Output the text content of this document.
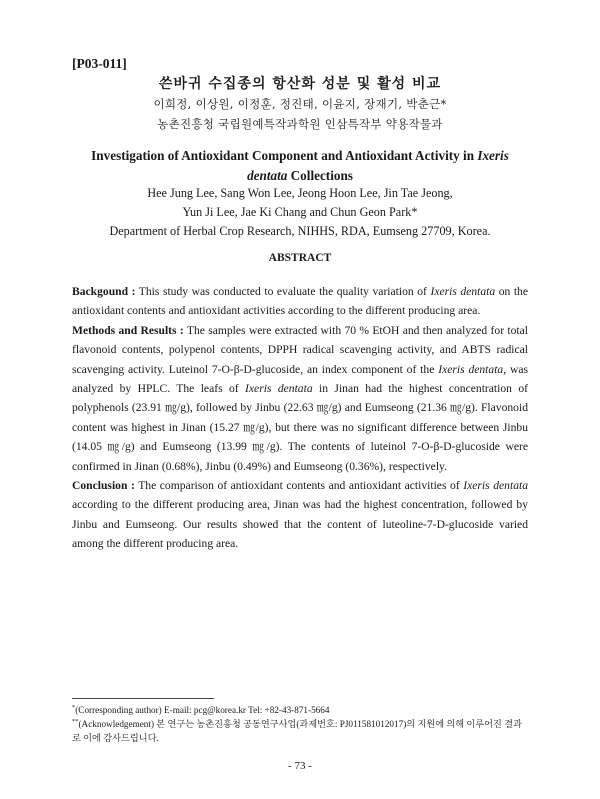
[P03-011]
쓴바귀 수집종의 항산화 성분 및 활성 비교
이희정, 이상원, 이정훈, 정진태, 이윤지, 장재기, 박춘근*
농촌진흥청 국립원예특작과학원 인삼특작부 약용작물과
Investigation of Antioxidant Component and Antioxidant Activity in Ixeris
dentata Collections
Hee Jung Lee, Sang Won Lee, Jeong Hoon Lee, Jin Tae Jeong,
Yun Ji Lee, Jae Ki Chang and Chun Geon Park*
Department of Herbal Crop Research, NIHHS, RDA, Eumseng 27709, Korea.
ABSTRACT

Backgound : This study was conducted to evaluate the quality variation of Ixeris dentata on the antioxidant contents and antioxidant activities according to the different producing area.

Methods and Results : The samples were extracted with 70 % EtOH and then analyzed for total flavonoid contents, polypenol contents, DPPH radical scavenging activity, and ABTS radical scavenging activity. Luteinol 7-O-β-D-glucoside, an index component of the Ixeris dentata, was analyzed by HPLC. The leafs of Ixeris dentata in Jinan had the highest concentration of polyphenols (23.91 ㎎/g), followed by Jinbu (22.63 ㎎/g) and Eumseong (21.36 ㎎/g). Flavonoid content was highest in Jinan (15.27 ㎎/g), but there was no significant difference between Jinbu (14.05 ㎎/g) and Eumseong (13.99 ㎎/g). The contents of luteinol 7-O-β-D-glucoside were confirmed in Jinan (0.68%), Jinbu (0.49%) and Eumseong (0.36%), respectively.

Conclusion : The comparison of antioxidant contents and antioxidant activities of Ixeris dentata according to the different producing area, Jinan was had the highest concentration, followed by Jinbu and Eumseong. Our results showed that the content of luteoline-7-D-glucoside varied among the different producing area.

*(Corresponding author) E-mail: pcg@korea.kr Tel: +82-43-871-5664
**(Acknowledgement) 본 연구는 농촌진흥청 공동연구사업(과제번호: PJ011581012017)의 지원에 의해 이루어진 결과로 이에 감사드립니다.
- 73 -
